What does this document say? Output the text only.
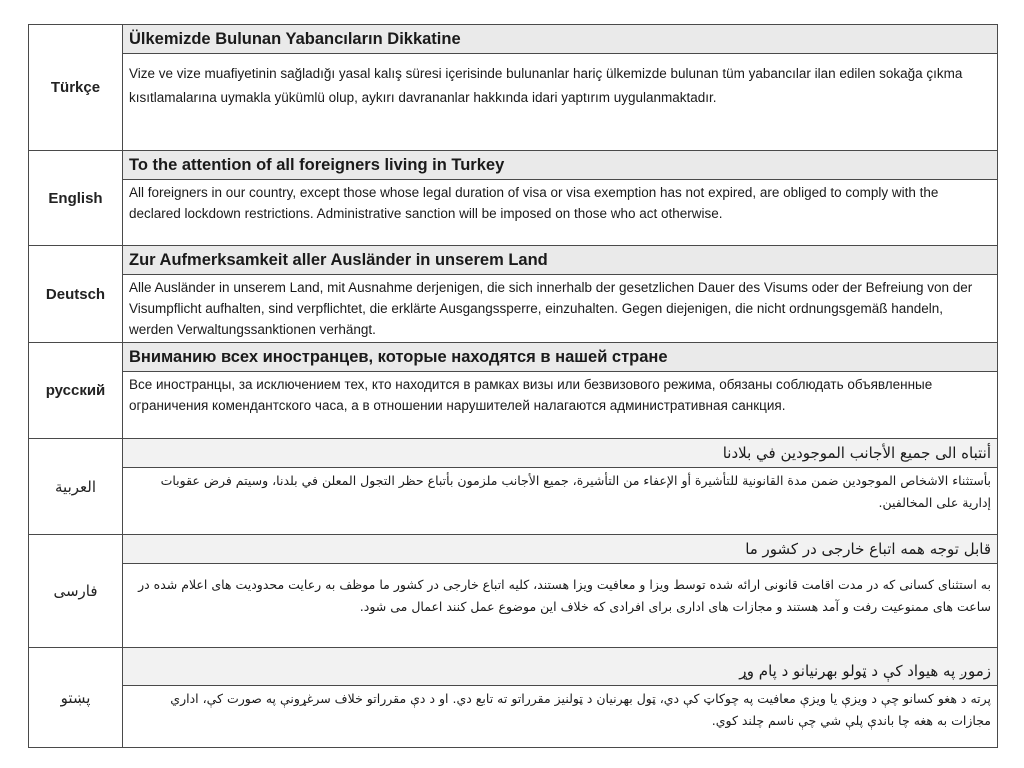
Türkçe	Ülkemizde Bulunan Yabancıların Dikkatine
Vize ve vize muafiyetinin sağladığı yasal kalış süresi içerisinde bulunanlar hariç ülkemizde bulunan tüm yabancılar ilan edilen sokağa çıkma kısıtlamalarına uymakla yükümlü olup, aykırı davrananlar hakkında idari yaptırım uygulanmaktadır.

English	To the attention of all foreigners living in Turkey
All foreigners in our country, except those whose legal duration of visa or visa exemption has not expired, are obliged to comply with the declared lockdown restrictions. Administrative sanction will be imposed on those who act otherwise.

Deutsch	Zur Aufmerksamkeit aller Ausländer in unserem Land
Alle Ausländer in unserem Land, mit Ausnahme derjenigen, die sich innerhalb der gesetzlichen Dauer des Visums oder der Befreiung von der Visumpflicht aufhalten, sind verpflichtet, die erklärte Ausgangssperre, einzuhalten. Gegen diejenigen, die nicht ordnungsgemäß handeln, werden Verwaltungssanktionen verhängt.

русский	Вниманию всех иностранцев, которые находятся в нашей стране
Все иностранцы, за исключением тех, кто находится в рамках визы или безвизового режима, обязаны соблюдать объявленные ограничения комендантского часа, а в отношении нарушителей налагаются административная санкция.

العربية	أنتباه الى جميع الأجانب الموجودين في بلادنا
بأستثناء الاشخاص الموجودين ضمن مدة القانونية للتأشيرة أو الإعفاء من التأشيرة، جميع الأجانب ملزمون بأتباع حظر التجول المعلن في بلدنا، وسيتم فرض عقوبات إدارية على المخالفين.

فارسی	قابل توجه همه اتباع خارجی در کشور ما
به استثنای کسانی که در مدت اقامت قانونی ارائه شده توسط ویزا و معافیت ویزا هستند، کلیه اتباع خارجی در کشور ما موظف به رعایت محدودیت های اعلام شده در ساعت های ممنوعیت رفت و آمد هستند و مجازات های اداری برای افرادی که خلاف این موضوع عمل کنند اعمال می شود.

پښتو	زموږ په هیواد کې د ټولو بهرنیانو د پام وړ
پرته د هغو کسانو چې د ویزې یا ویزې معافیت په چوکاټ کې دي، ټول بهرنیان د ټولنیز مقرراتو ته تابع دي. او د دې مقرراتو خلاف سرغړونې په صورت کې، اداري مجازات به هغه چا باندې پلې شي چې ناسم چلند کوي.
